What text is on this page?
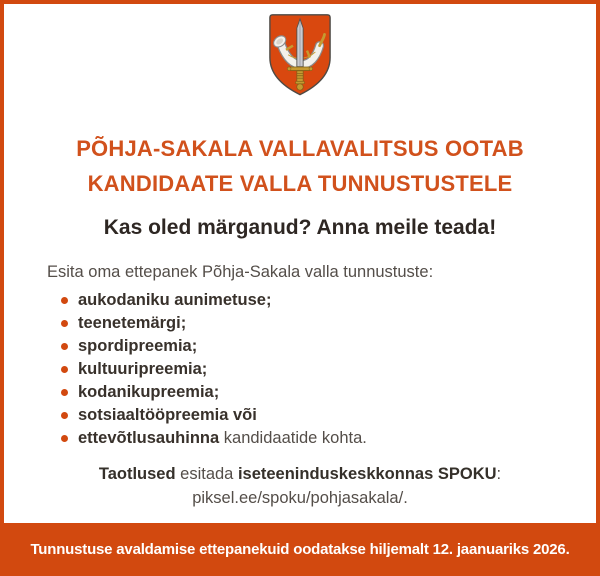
PÕHJA-SAKALA VALLAVALITSUS OOTAB
KANDIDAATE VALLA TUNNUSTUSTELE
Kas oled märganud? Anna meile teada!
Esita oma ettepanek Põhja-Sakala valla tunnustuste:
aukodaniku aunimetuse;
teenetemärgi;
spordipreemia;
kultuuripreemia;
kodanikupreemia;
sotsiaaltööpreemia või
ettevõtlusauhinna kandidaatide kohta.
Taotlused esitada iseteeninduskeskkonnas SPOKU:
piksel.ee/spoku/pohjasakala/.
Tunnustuse avaldamise ettepanekuid oodatakse hiljemalt 12. jaanuariks 2026.
